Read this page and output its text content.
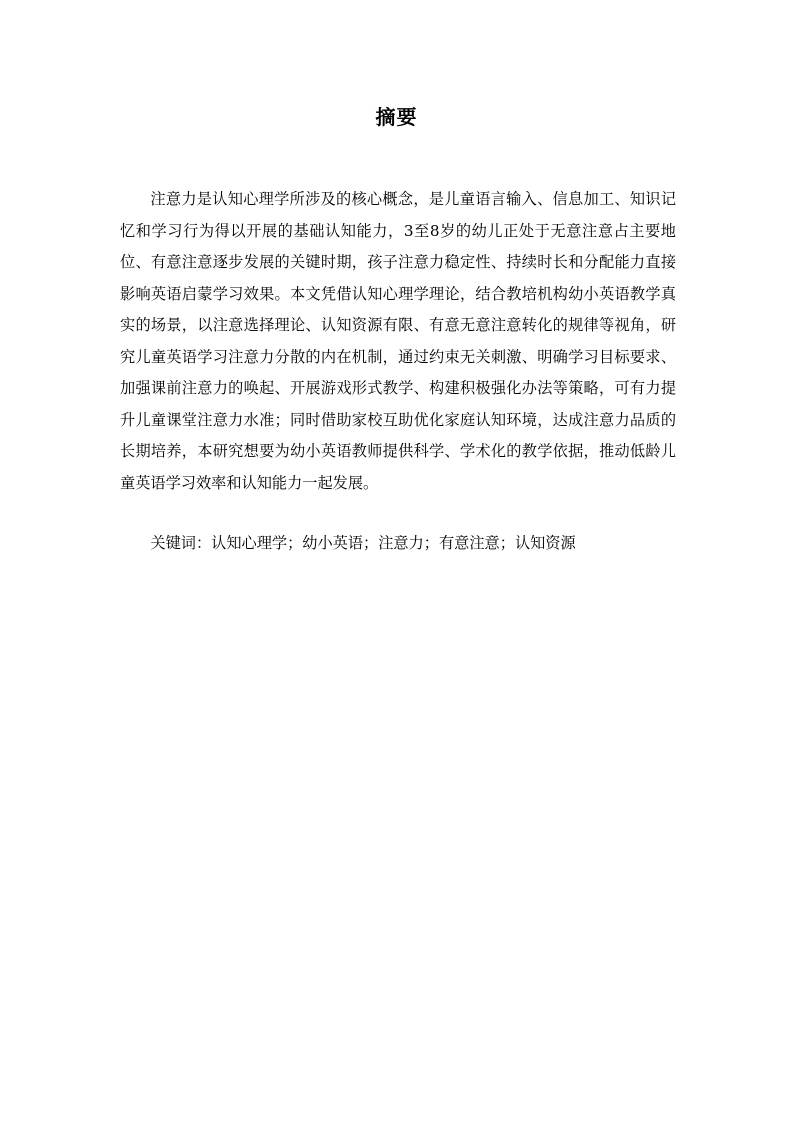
摘要

注意力是认知心理学所涉及的核心概念，是儿童语言输入、信息加工、知识记忆和学习行为得以开展的基础认知能力，3至8岁的幼儿正处于无意注意占主要地位、有意注意逐步发展的关键时期，孩子注意力稳定性、持续时长和分配能力直接影响英语启蒙学习效果。本文凭借认知心理学理论，结合教培机构幼小英语教学真实的场景，以注意选择理论、认知资源有限、有意无意注意转化的规律等视角，研究儿童英语学习注意力分散的内在机制，通过约束无关刺激、明确学习目标要求、加强课前注意力的唤起、开展游戏形式教学、构建积极强化办法等策略，可有力提升儿童课堂注意力水准；同时借助家校互助优化家庭认知环境，达成注意力品质的长期培养，本研究想要为幼小英语教师提供科学、学术化的教学依据，推动低龄儿童英语学习效率和认知能力一起发展。

关键词：认知心理学；幼小英语；注意力；有意注意；认知资源
